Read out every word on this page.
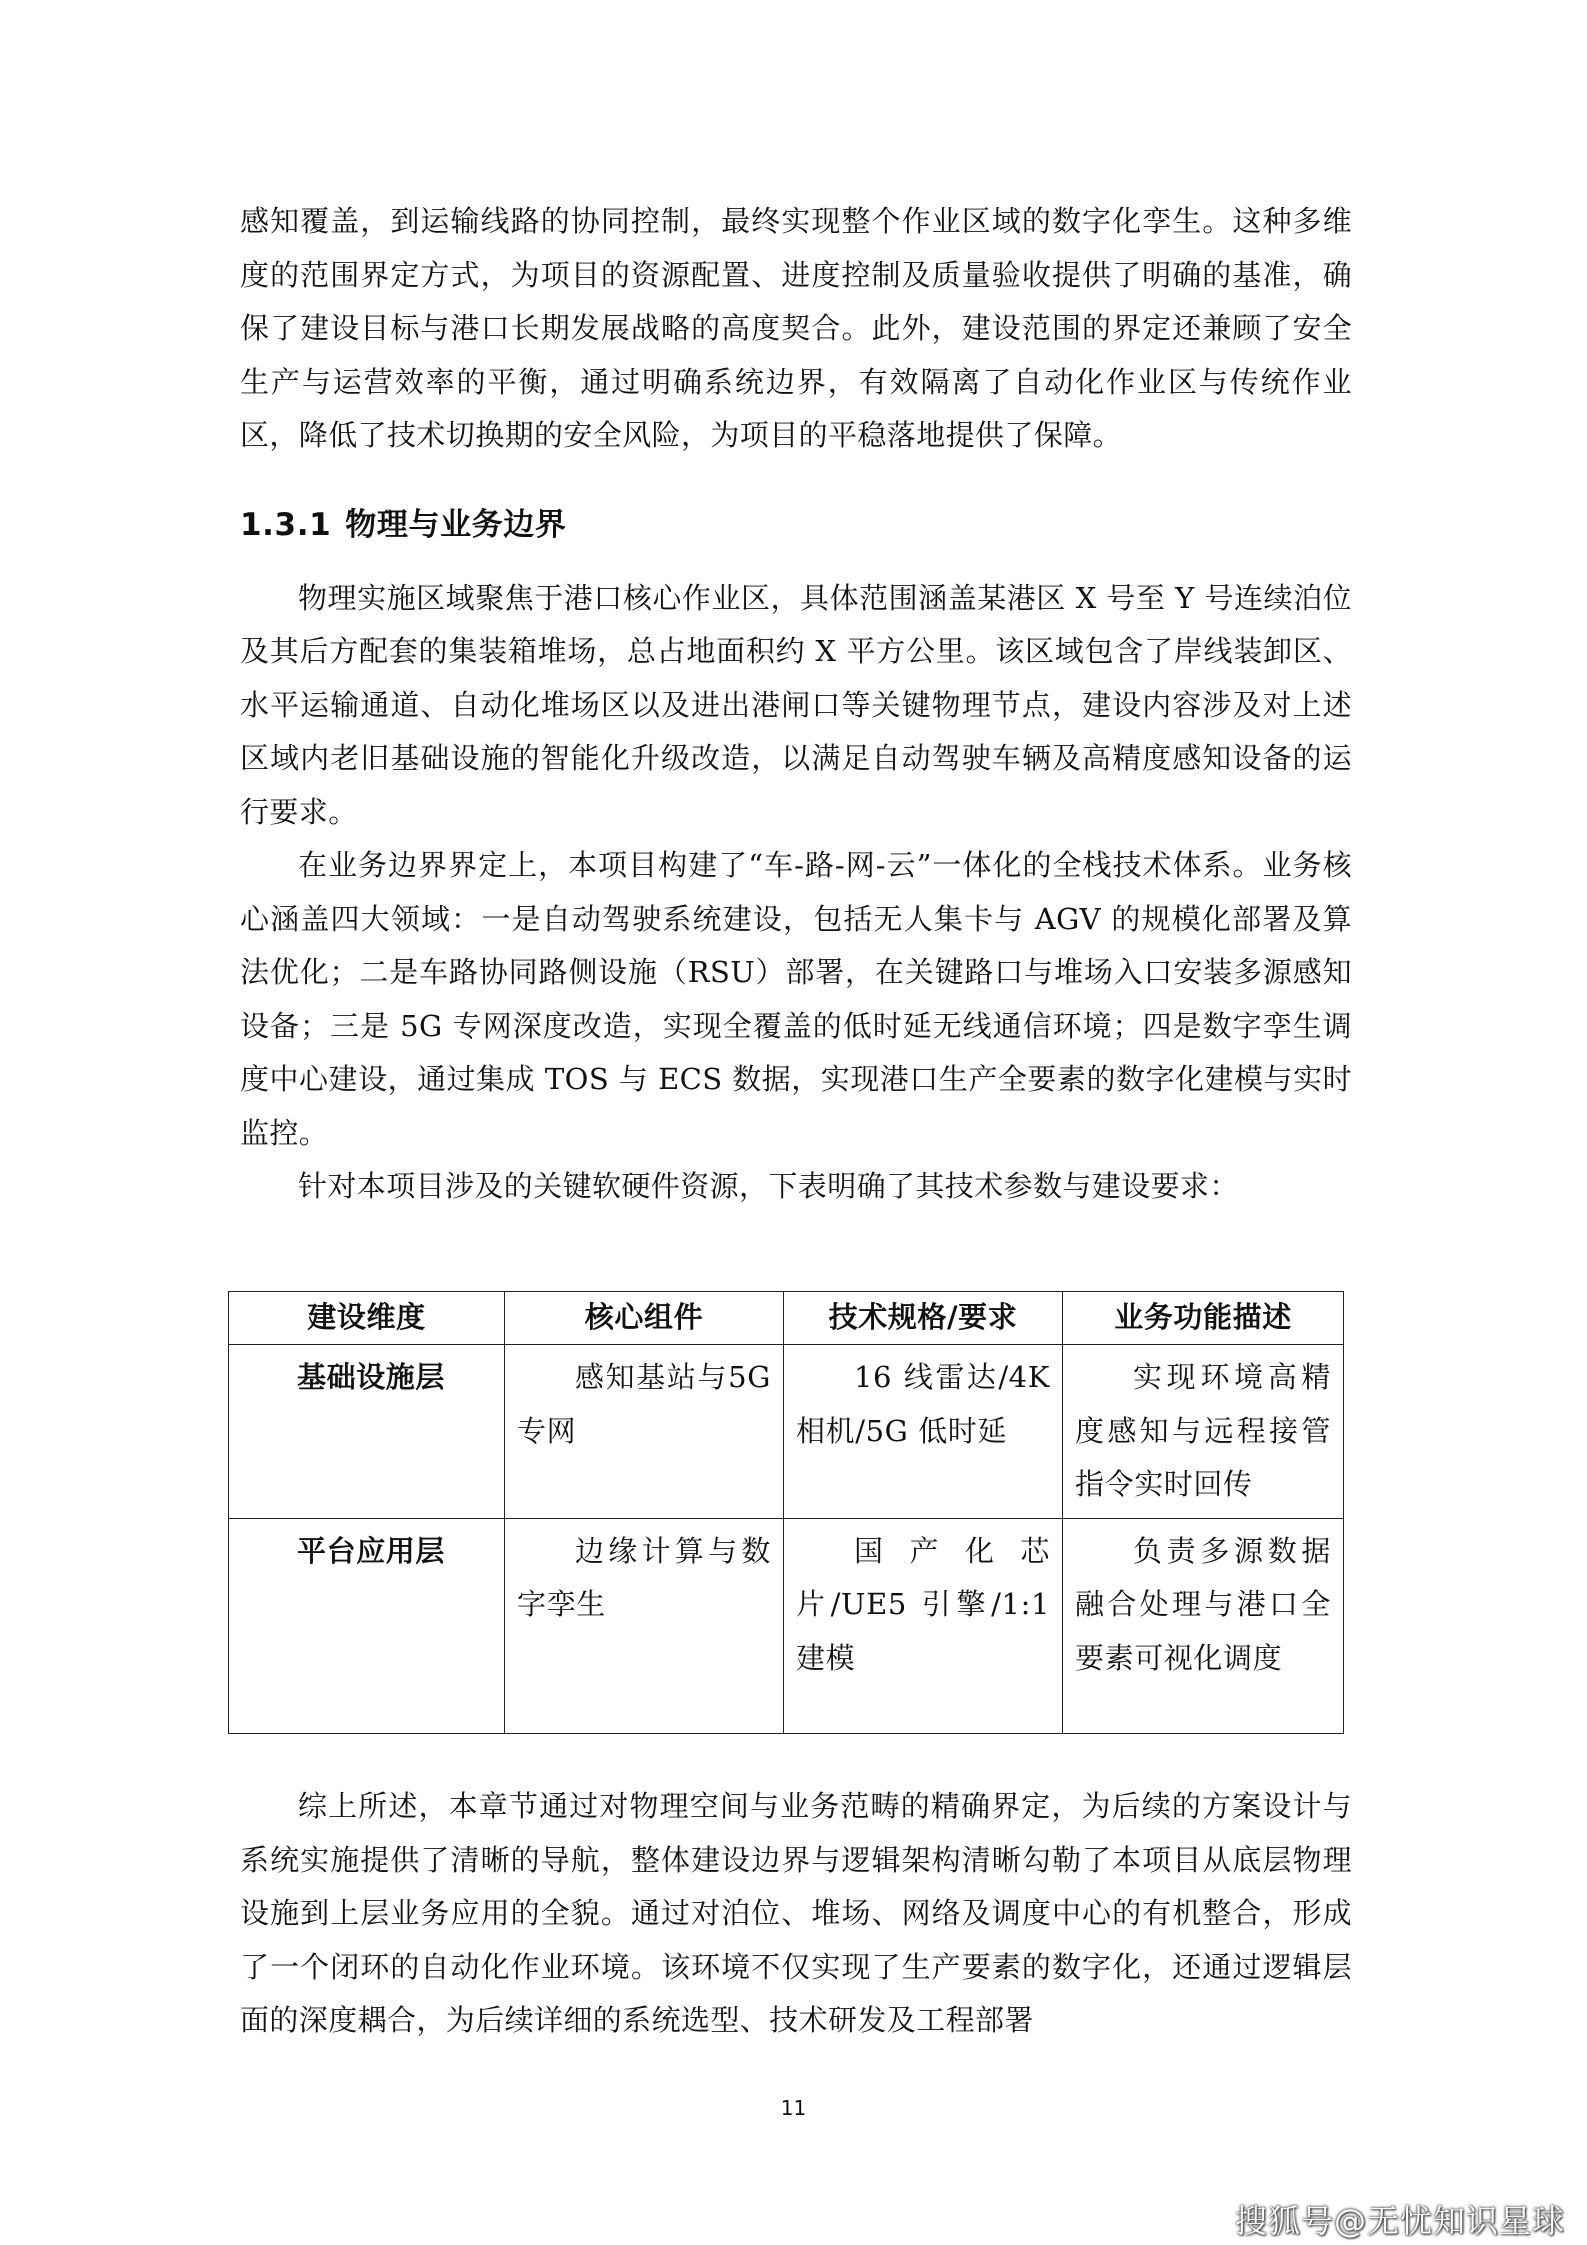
感知覆盖，到运输线路的协同控制，最终实现整个作业区域的数字化孪生。这种多维度的范围界定方式，为项目的资源配置、进度控制及质量验收提供了明确的基准，确保了建设目标与港口长期发展战略的高度契合。此外，建设范围的界定还兼顾了安全生产与运营效率的平衡，通过明确系统边界，有效隔离了自动化作业区与传统作业区，降低了技术切换期的安全风险，为项目的平稳落地提供了保障。

1.3.1 物理与业务边界

物理实施区域聚焦于港口核心作业区，具体范围涵盖某港区 X 号至 Y 号连续泊位及其后方配套的集装箱堆场，总占地面积约 X 平方公里。该区域包含了岸线装卸区、水平运输通道、自动化堆场区以及进出港闸口等关键物理节点，建设内容涉及对上述区域内老旧基础设施的智能化升级改造，以满足自动驾驶车辆及高精度感知设备的运行要求。

在业务边界界定上，本项目构建了“车-路-网-云”一体化的全栈技术体系。业务核心涵盖四大领域：一是自动驾驶系统建设，包括无人集卡与 AGV 的规模化部署及算法优化；二是车路协同路侧设施（RSU）部署，在关键路口与堆场入口安装多源感知设备；三是 5G 专网深度改造，实现全覆盖的低时延无线通信环境；四是数字孪生调度中心建设，通过集成 TOS 与 ECS 数据，实现港口生产全要素的数字化建模与实时监控。

针对本项目涉及的关键软硬件资源，下表明确了其技术参数与建设要求：

建设维度	核心组件	技术规格/要求	业务功能描述
基础设施层	感知基站与5G专网	16 线雷达/4K 相机/5G 低时延	实现环境高精度感知与远程接管指令实时回传
平台应用层	边缘计算与数字孪生	国产化芯片/UE5 引擎/1:1 建模	负责多源数据融合处理与港口全要素可视化调度

综上所述，本章节通过对物理空间与业务范畴的精确界定，为后续的方案设计与系统实施提供了清晰的导航，整体建设边界与逻辑架构清晰勾勒了本项目从底层物理设施到上层业务应用的全貌。通过对泊位、堆场、网络及调度中心的有机整合，形成了一个闭环的自动化作业环境。该环境不仅实现了生产要素的数字化，还通过逻辑层面的深度耦合，为后续详细的系统选型、技术研发及工程部署

11
搜狐号@无忧知识星球
